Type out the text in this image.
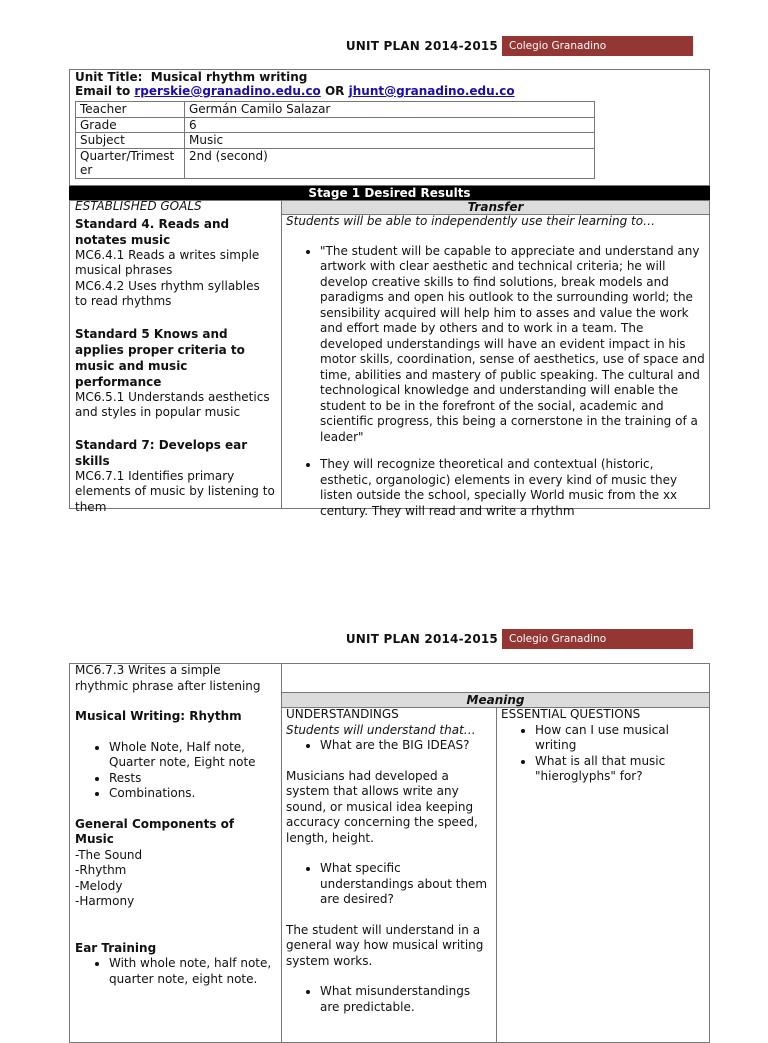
UNIT PLAN 2014-2015	Colegio Granadino
Unit Title: Musical rhythm writing
Email to rperskie@granadino.edu.co OR jhunt@granadino.edu.co
Teacher	Germán Camilo Salazar
Grade	6
Subject	Music
Quarter/Trimester	2nd (second)
Stage 1 Desired Results
Transfer
ESTABLISHED GOALS
Standard 4. Reads and notates music
MC6.4.1 Reads a writes simple musical phrases
MC6.4.2 Uses rhythm syllables to read rhythms
Standard 5 Knows and applies proper criteria to music and music performance
MC6.5.1 Understands aesthetics and styles in popular music
Standard 7: Develops ear skills
MC6.7.1 Identifies primary elements of music by listening to them
Students will be able to independently use their learning to…
• "The student will be capable to appreciate and understand any artwork with clear aesthetic and technical criteria; he will develop creative skills to find solutions, break models and paradigms and open his outlook to the surrounding world; the sensibility acquired will help him to asses and value the work and effort made by others and to work in a team. The developed understandings will have an evident impact in his motor skills, coordination, sense of aesthetics, use of space and time, abilities and mastery of public speaking. The cultural and technological knowledge and understanding will enable the student to be in the forefront of the social, academic and scientific progress, this being a cornerstone in the training of a leader"
• They will recognize theoretical and contextual (historic, esthetic, organologic) elements in every kind of music they listen outside the school, specially World music from the xx century. They will read and write a rhythm
UNIT PLAN 2014-2015	Colegio Granadino
Meaning
MC6.7.3 Writes a simple rhythmic phrase after listening
Musical Writing: Rhythm
• Whole Note, Half note, Quarter note, Eight note
• Rests
• Combinations.
General Components of Music
-The Sound
-Rhythm
-Melody
-Harmony
Ear Training
• With whole note, half note, quarter note, eight note.
UNDERSTANDINGS
Students will understand that…
• What are the BIG IDEAS?
Musicians had developed a system that allows write any sound, or musical idea keeping accuracy concerning the speed, length, height.
• What specific understandings about them are desired?
The student will understand in a general way how musical writing system works.
• What misunderstandings are predictable.
ESSENTIAL QUESTIONS
• How can I use musical writing
• What is all that music "hieroglyphs" for?
